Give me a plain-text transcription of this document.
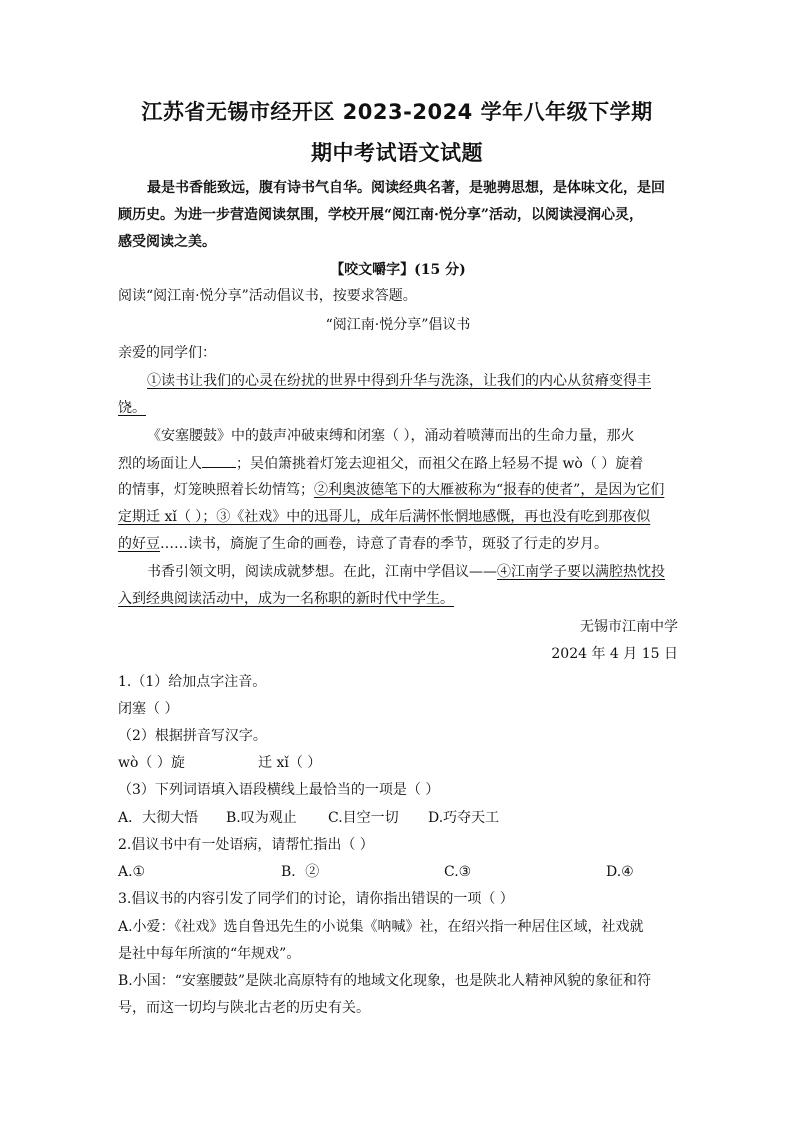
江苏省无锡市经开区 2023-2024 学年八年级下学期
期中考试语文试题
最是书香能致远，腹有诗书气自华。阅读经典名著，是驰骋思想，是体味文化，是回
顾历史。为进一步营造阅读氛围，学校开展“阅江南·悦分享”活动，以阅读浸润心灵，
感受阅读之美。
【咬文嚼字】(15 分)
阅读“阅江南·悦分享”活动倡议书，按要求答题。
“阅江南·悦分享”倡议书
亲爱的同学们：
①读书让我们的心灵在纷扰的世界中得到升华与洗涤，让我们的内心从贫瘠变得丰
饶。
《安塞腰鼓》中的鼓声冲破束缚和闭塞（ ），涌动着喷薄而出的生命力量，那火
烈的场面让人 ；吴伯箫挑着灯笼去迎祖父，而祖父在路上轻易不提 wò（ ）旋着
的情事，灯笼映照着长幼情笃；②利奥波德笔下的大雁被称为“报春的使者”，是因为它们
定期迁 xǐ（ ）；③《社戏》中的迅哥儿，成年后满怀怅惘地感慨，再也没有吃到那夜似
的好豆……读书，旖旎了生命的画卷，诗意了青春的季节，斑驳了行走的岁月。
书香引领文明，阅读成就梦想。在此，江南中学倡议——④江南学子要以满腔热忱投
入到经典阅读活动中，成为一名称职的新时代中学生。
无锡市江南中学
2024 年 4 月 15 日
1.（1）给加点字注音。
闭塞（ ）
（2）根据拼音写汉字。
wò（ ）旋	迁 xǐ（ ）
（3）下列词语填入语段横线上最恰当的一项是（ ）
A．大彻大悟 B.叹为观止 C.目空一切 D.巧夺天工
2.倡议书中有一处语病，请帮忙指出（ ）
A.①	B．②	C.③	D.④
3.倡议书的内容引发了同学们的讨论，请你指出错误的一项（ ）
A.小爱：《社戏》选自鲁迅先生的小说集《呐喊》社，在绍兴指一种居住区域，社戏就
是社中每年所演的“年规戏”。
B.小国：“安塞腰鼓”是陕北高原特有的地域文化现象，也是陕北人精神风貌的象征和符
号，而这一切均与陕北古老的历史有关。
